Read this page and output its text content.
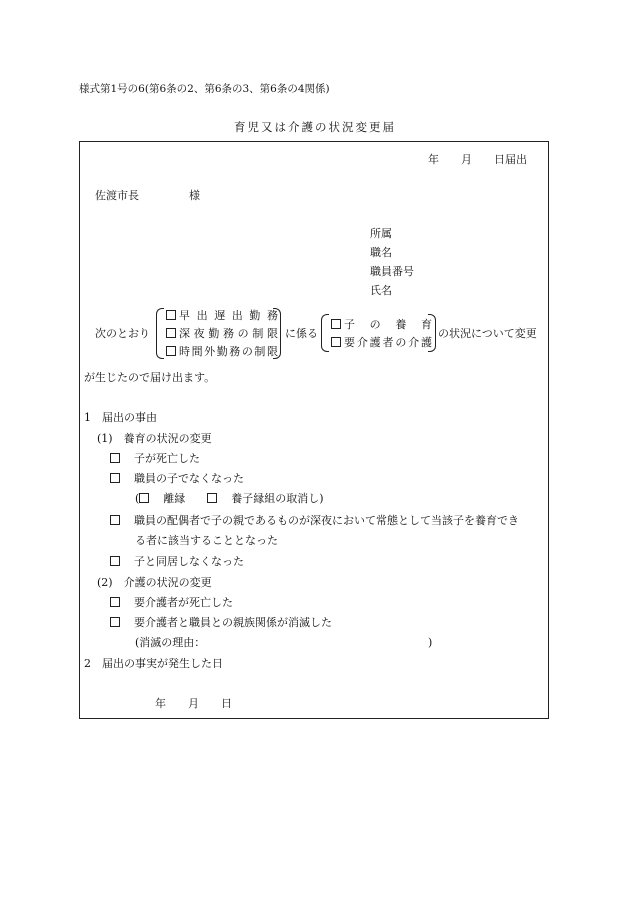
様式第1号の6(第6条の2、第6条の3、第6条の4関係)
育児又は介護の状況変更届
年　　月　　日届出
佐渡市長	様
所属
職名
職員番号
氏名
次のとおり
早出遅出勤務
深夜勤務の制限
時間外勤務の制限
に係る
子の養育
要介護者の介護
の状況について変更
が生じたので届け出ます。
1　届出の事由
(1)　養育の状況の変更
　子が死亡した
　職員の子でなくなった
(　 離縁　　　	養子縁組の取消し)
　職員の配偶者で子の親であるものが深夜において常態として当該子を養育でき
る者に該当することとなった
　子と同居しなくなった
(2)　介護の状況の変更
　要介護者が死亡した
　要介護者と職員との親族関係が消滅した
(消滅の理由：	)
2　届出の事実が発生した日
年　　月　　日
